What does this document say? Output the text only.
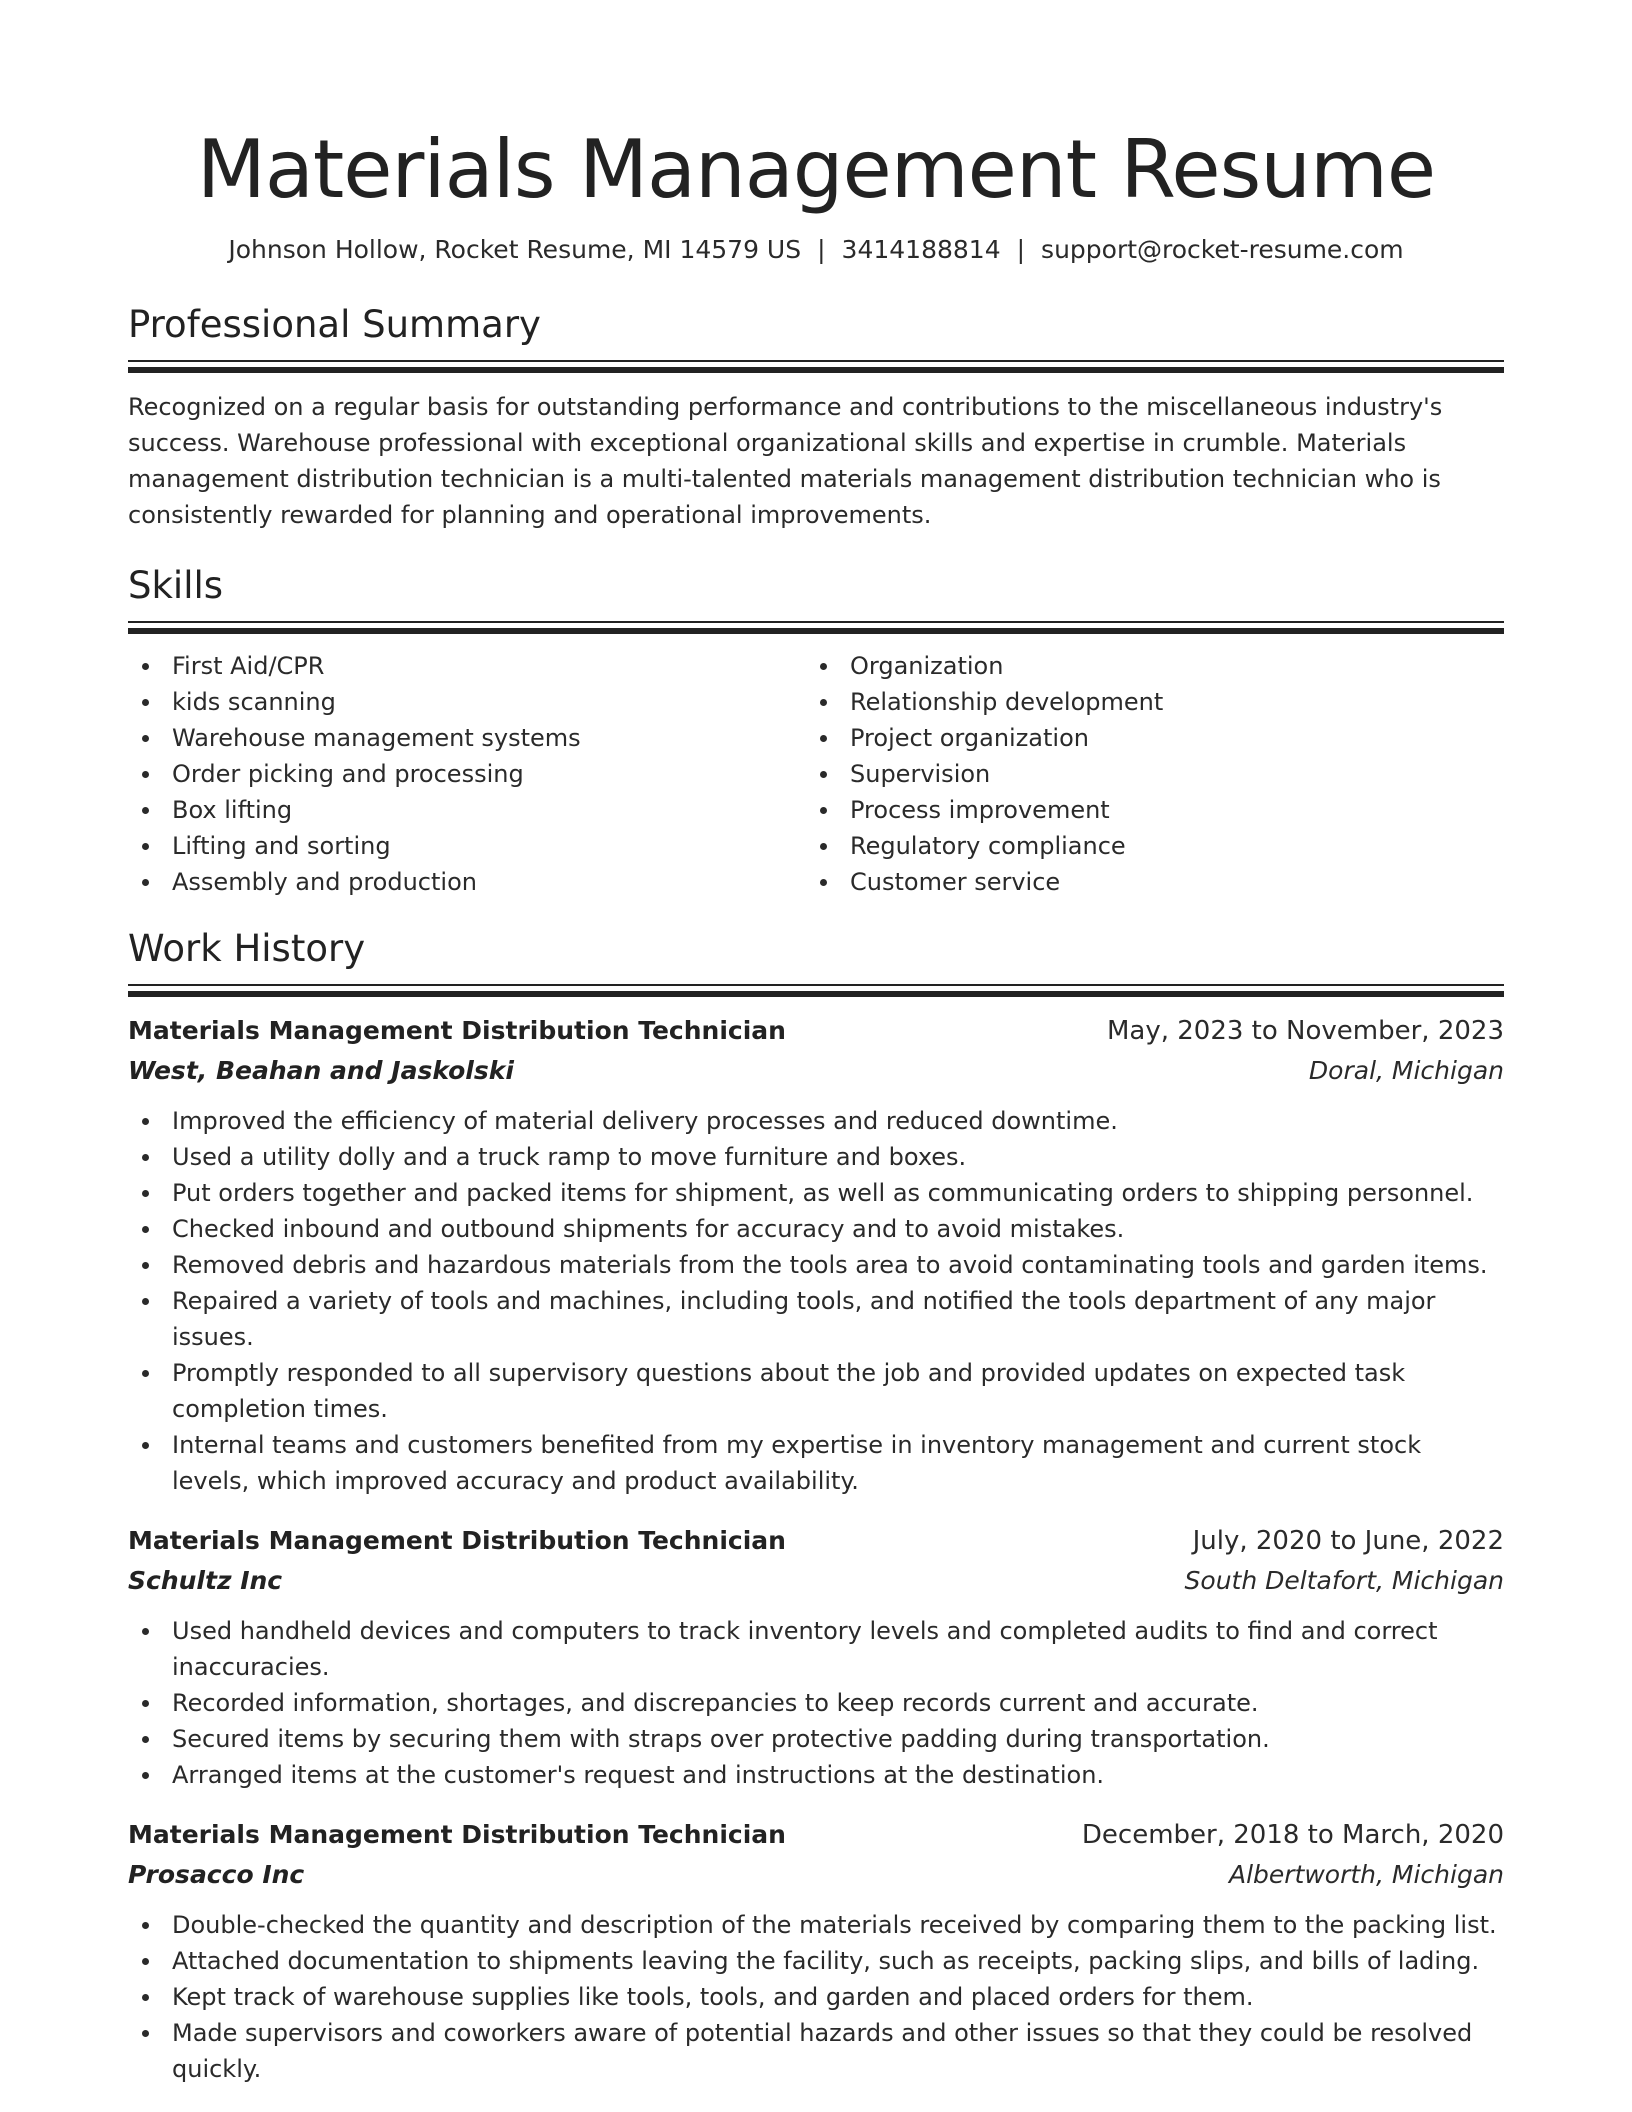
Materials Management Resume
Johnson Hollow, Rocket Resume, MI 14579 US | 3414188814 | support@rocket-resume.com
Professional Summary

Recognized on a regular basis for outstanding performance and contributions to the miscellaneous industry's success. Warehouse professional with exceptional organizational skills and expertise in crumble. Materials management distribution technician is a multi-talented materials management distribution technician who is consistently rewarded for planning and operational improvements.

Skills
First Aid/CPR
kids scanning
Warehouse management systems
Order picking and processing
Box lifting
Lifting and sorting
Assembly and production
Organization
Relationship development
Project organization
Supervision
Process improvement
Regulatory compliance
Customer service
Work History
Materials Management Distribution Technician	May, 2023 to November, 2023
West, Beahan and Jaskolski	Doral, Michigan
Improved the efficiency of material delivery processes and reduced downtime.
Used a utility dolly and a truck ramp to move furniture and boxes.
Put orders together and packed items for shipment, as well as communicating orders to shipping personnel.
Checked inbound and outbound shipments for accuracy and to avoid mistakes.
Removed debris and hazardous materials from the tools area to avoid contaminating tools and garden items.
Repaired a variety of tools and machines, including tools, and notified the tools department of any major issues.
Promptly responded to all supervisory questions about the job and provided updates on expected task completion times.
Internal teams and customers benefited from my expertise in inventory management and current stock levels, which improved accuracy and product availability.
Materials Management Distribution Technician	July, 2020 to June, 2022
Schultz Inc	South Deltafort, Michigan
Used handheld devices and computers to track inventory levels and completed audits to find and correct inaccuracies.
Recorded information, shortages, and discrepancies to keep records current and accurate.
Secured items by securing them with straps over protective padding during transportation.
Arranged items at the customer's request and instructions at the destination.
Materials Management Distribution Technician	December, 2018 to March, 2020
Prosacco Inc	Albertworth, Michigan
Double-checked the quantity and description of the materials received by comparing them to the packing list.
Attached documentation to shipments leaving the facility, such as receipts, packing slips, and bills of lading.
Kept track of warehouse supplies like tools, tools, and garden and placed orders for them.
Made supervisors and coworkers aware of potential hazards and other issues so that they could be resolved quickly.
